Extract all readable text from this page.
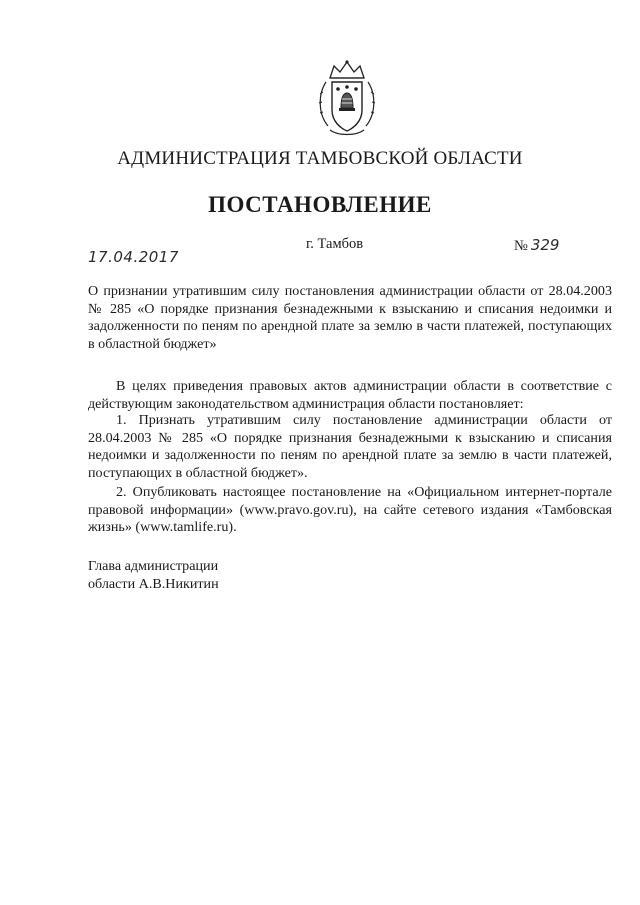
АДМИНИСТРАЦИЯ ТАМБОВСКОЙ ОБЛАСТИ
ПОСТАНОВЛЕНИЕ
17.04.2017
г. Тамбов	№ 329
О признании утратившим силу постановления администрации области от 28.04.2003 № 285 «О порядке признания безнадежными к взысканию и списания недоимки и задолженности по пеням по арендной плате за землю в части платежей, поступающих в областной бюджет»
В целях приведения правовых актов администрации области в соответствие с действующим законодательством администрация области постановляет:
1. Признать утратившим силу постановление администрации области от 28.04.2003 № 285 «О порядке признания безнадежными к взысканию и списания недоимки и задолженности по пеням по арендной плате за землю в части платежей, поступающих в областной бюджет».
2. Опубликовать настоящее постановление на «Официальном интернет-портале правовой информации» (www.pravo.gov.ru), на сайте сетевого издания «Тамбовская жизнь» (www.tamlife.ru).
Глава администрации
области А.В.Никитин
